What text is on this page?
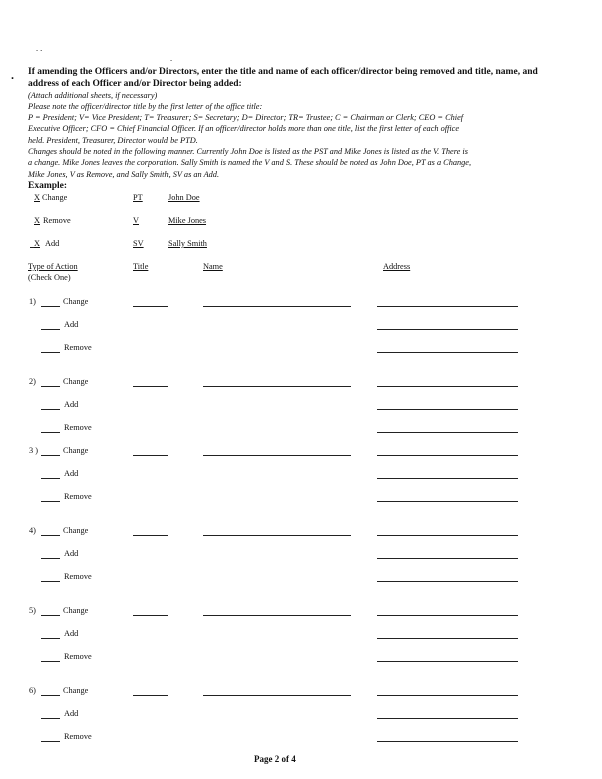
. .
.
. If amending the Officers and/or Directors, enter the title and name of each officer/director being removed and title, name, and
address of each Officer and/or Director being added:
(Attach additional sheets, if necessary)
Please note the officer/director title by the first letter of the office title:
P = President; V= Vice President; T= Treasurer; S= Secretary; D= Director; TR= Trustee; C = Chairman or Clerk; CEO = Chief
Executive Officer; CFO = Chief Financial Officer. If an officer/director holds more than one title, list the first letter of each office
held. President, Treasurer, Director would be PTD.
Changes should be noted in the following manner. Currently John Doe is listed as the PST and Mike Jones is listed as the V. There is
a change. Mike Jones leaves the corporation. Sally Smith is named the V and S. These should be noted as John Doe, PT as a Change,
Mike Jones, V as Remove, and Sally Smith, SV as an Add.
Example:
X Change	PT	John Doe
X Remove	V	Mike Jones
X Add	SV	Sally Smith
Type of Action
(Check One)
Title	Name	Address
1)	Change
Add
Remove
2)	Change
Add
Remove
3 )	Change
Add
Remove
4)	Change
Add
Remove
5)	Change
Add
Remove
6)	Change
Add
Remove
Page 2 of 4
